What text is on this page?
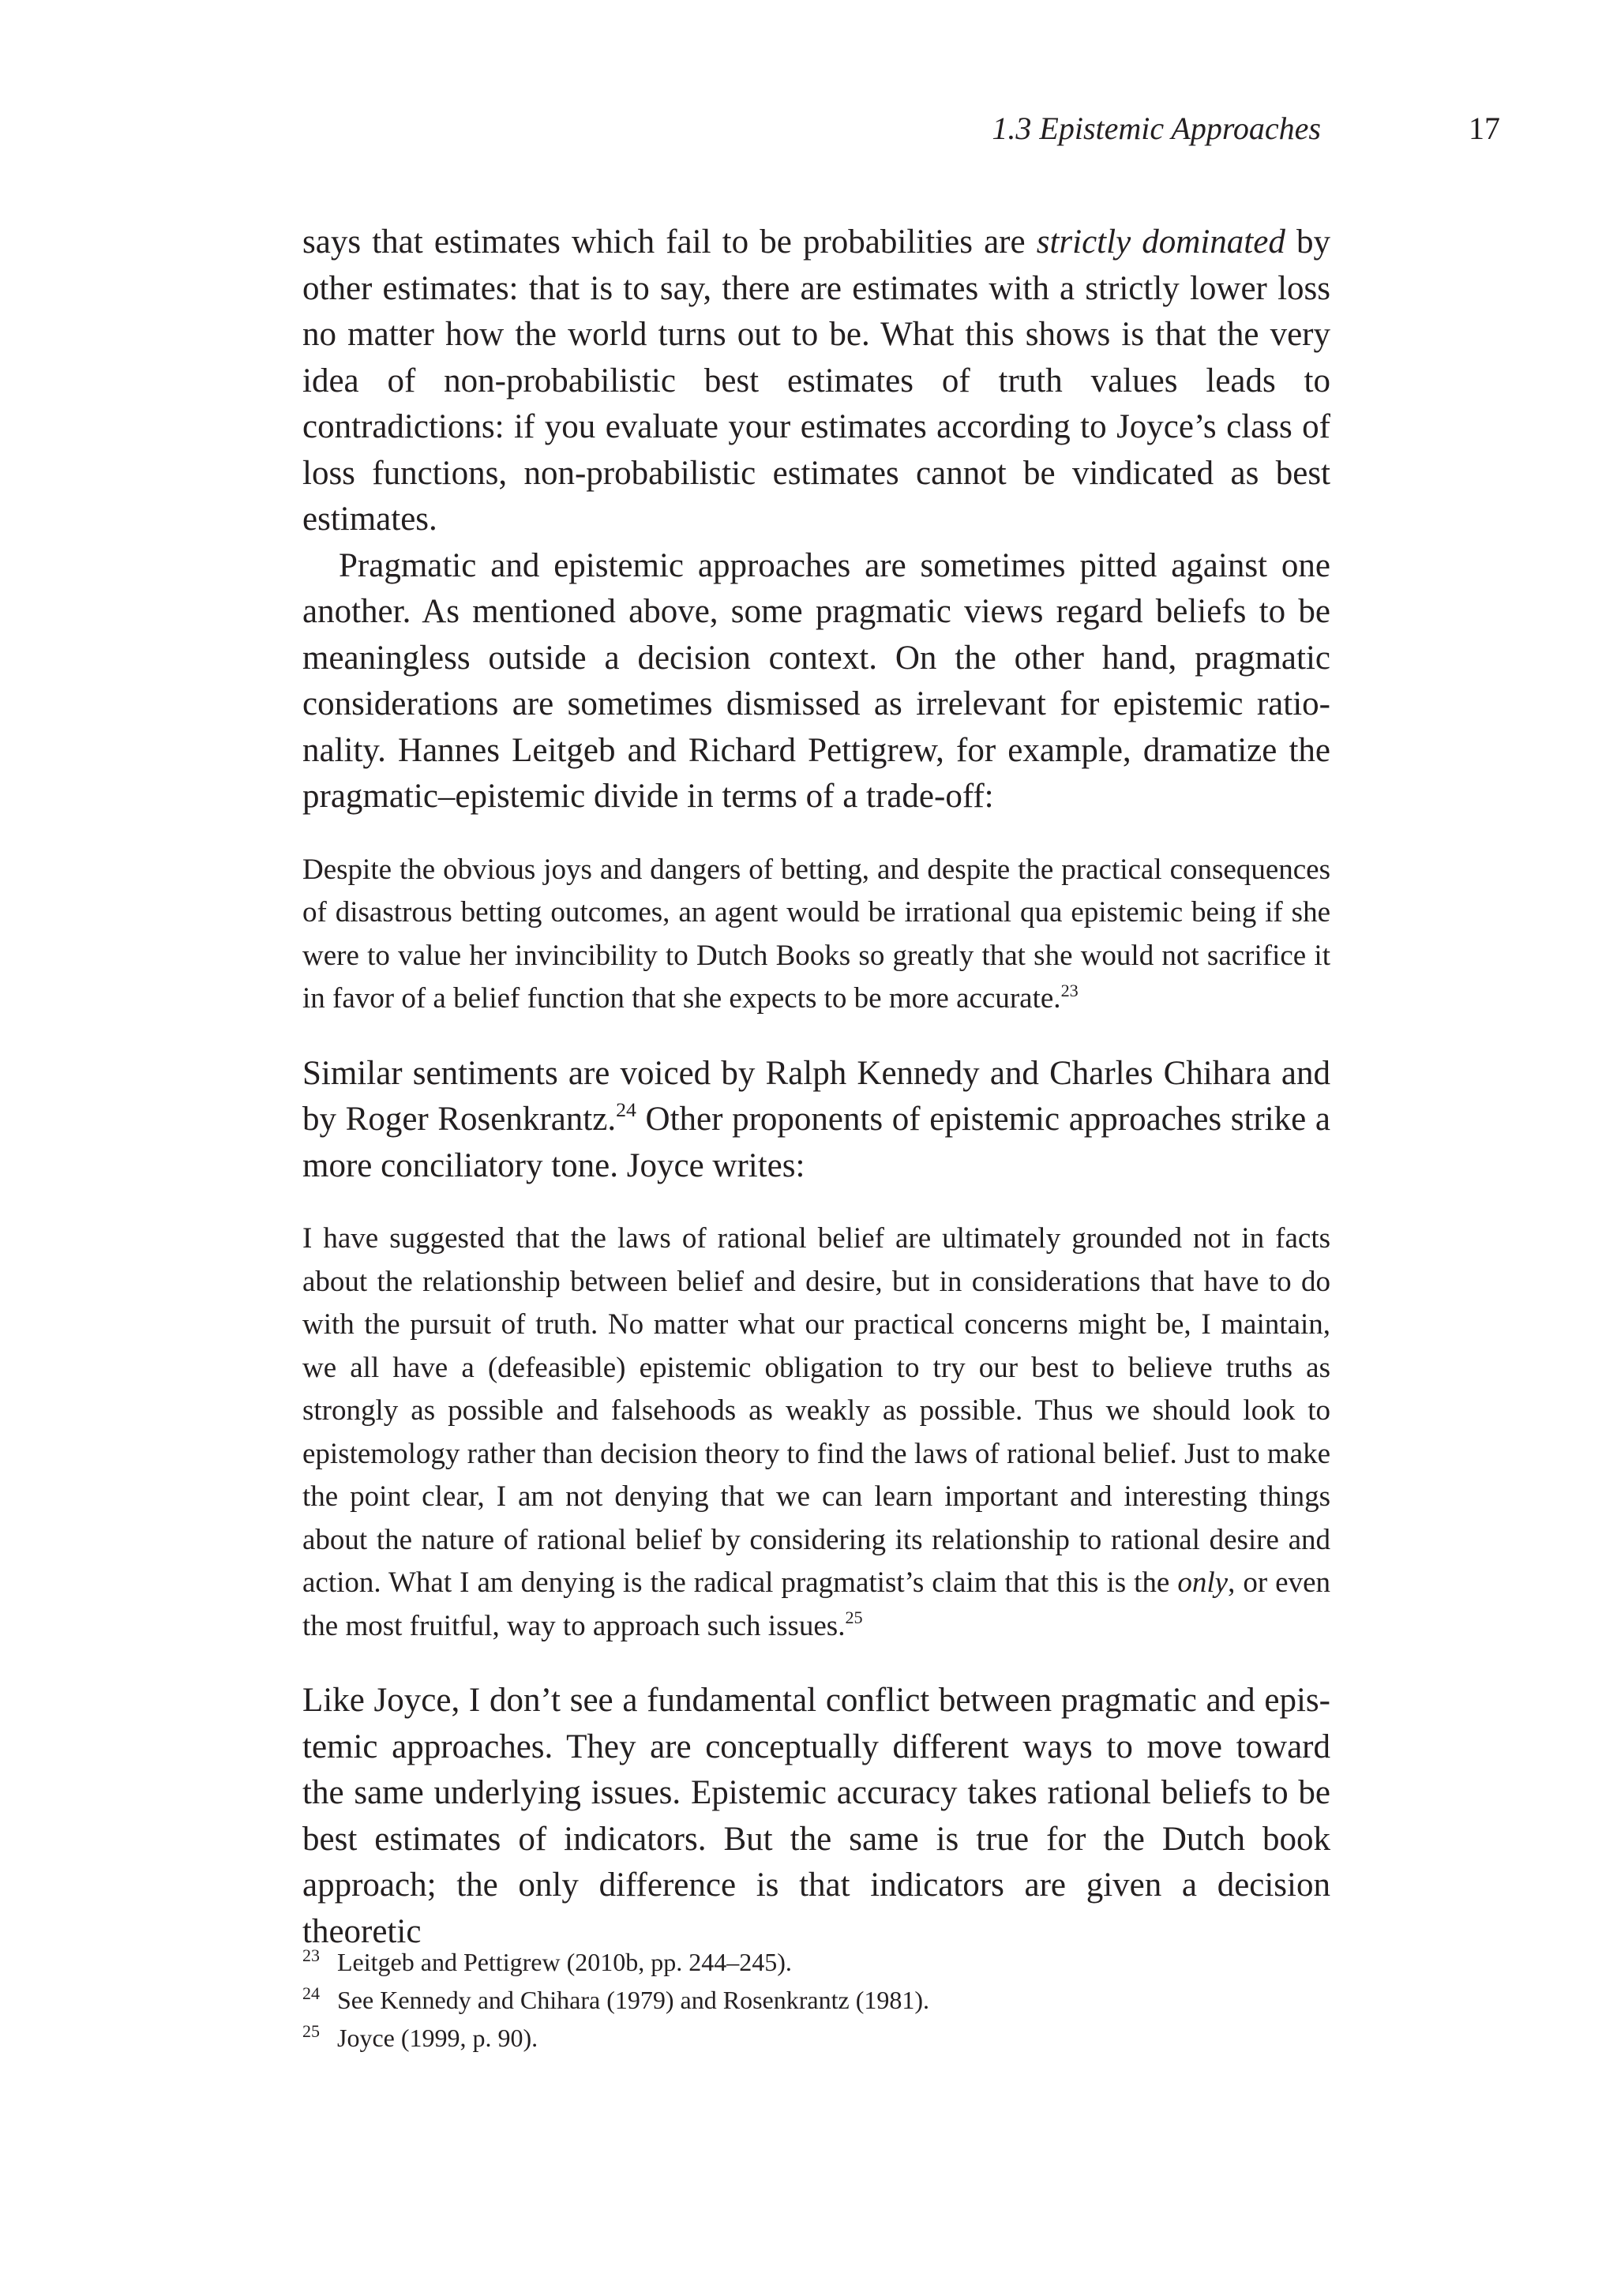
1.3 Epistemic Approaches	17

says that estimates which fail to be probabilities are strictly dominated by other estimates: that is to say, there are estimates with a strictly lower loss no matter how the world turns out to be. What this shows is that the very idea of non-probabilistic best estimates of truth values leads to contradictions: if you evaluate your estimates according to Joyce’s class of loss functions, non-probabilistic estimates cannot be vindicated as best estimates.

Pragmatic and epistemic approaches are sometimes pitted against one another. As mentioned above, some pragmatic views regard beliefs to be meaningless outside a decision context. On the other hand, pragmatic considerations are sometimes dismissed as irrelevant for epistemic rationality. Hannes Leitgeb and Richard Pettigrew, for example, dramatize the pragmatic–epistemic divide in terms of a trade-off:

Despite the obvious joys and dangers of betting, and despite the practical consequences of disastrous betting outcomes, an agent would be irrational qua epistemic being if she were to value her invincibility to Dutch Books so greatly that she would not sacrifice it in favor of a belief function that she expects to be more accurate.$^{23}$

Similar sentiments are voiced by Ralph Kennedy and Charles Chihara and by Roger Rosenkrantz.$^{24}$ Other proponents of epistemic approaches strike a more conciliatory tone. Joyce writes:

I have suggested that the laws of rational belief are ultimately grounded not in facts about the relationship between belief and desire, but in considerations that have to do with the pursuit of truth. No matter what our practical concerns might be, I maintain, we all have a (defeasible) epistemic obligation to try our best to believe truths as strongly as possible and falsehoods as weakly as possible. Thus we should look to epistemology rather than decision theory to find the laws of rational belief. Just to make the point clear, I am not denying that we can learn important and interesting things about the nature of rational belief by considering its relationship to rational desire and action. What I am denying is the radical pragmatist’s claim that this is the only, or even the most fruitful, way to approach such issues.$^{25}$

Like Joyce, I don’t see a fundamental conflict between pragmatic and epistemic approaches. They are conceptually different ways to move toward the same underlying issues. Epistemic accuracy takes rational beliefs to be best estimates of indicators. But the same is true for the Dutch book approach; the only difference is that indicators are given a decision theoretic

23 Leitgeb and Pettigrew (2010b, pp. 244–245).
24 See Kennedy and Chihara (1979) and Rosenkrantz (1981).
25 Joyce (1999, p. 90).
